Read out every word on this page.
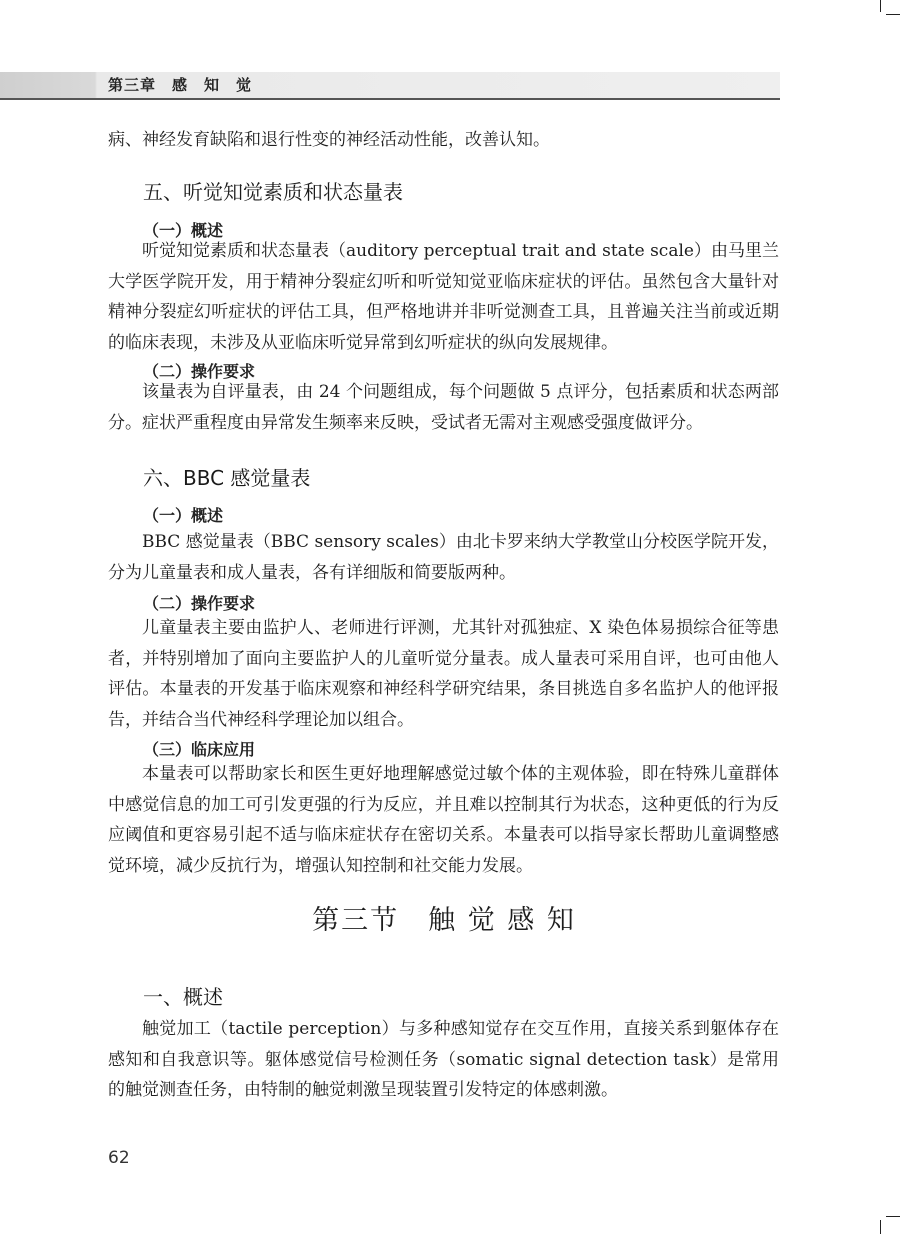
第三章　感　知　觉

病、神经发育缺陷和退行性变的神经活动性能，改善认知。

五、听觉知觉素质和状态量表
（一）概述

听觉知觉素质和状态量表（auditory perceptual trait and state scale）由马里兰大学医学院开发，用于精神分裂症幻听和听觉知觉亚临床症状的评估。虽然包含大量针对精神分裂症幻听症状的评估工具，但严格地讲并非听觉测查工具，且普遍关注当前或近期的临床表现，未涉及从亚临床听觉异常到幻听症状的纵向发展规律。

（二）操作要求

该量表为自评量表，由 24 个问题组成，每个问题做 5 点评分，包括素质和状态两部分。症状严重程度由异常发生频率来反映，受试者无需对主观感受强度做评分。

六、BBC 感觉量表
（一）概述

BBC 感觉量表（BBC sensory scales）由北卡罗来纳大学教堂山分校医学院开发，分为儿童量表和成人量表，各有详细版和简要版两种。

（二）操作要求

儿童量表主要由监护人、老师进行评测，尤其针对孤独症、X 染色体易损综合征等患者，并特别增加了面向主要监护人的儿童听觉分量表。成人量表可采用自评，也可由他人评估。本量表的开发基于临床观察和神经科学研究结果，条目挑选自多名监护人的他评报告，并结合当代神经科学理论加以组合。

（三）临床应用

本量表可以帮助家长和医生更好地理解感觉过敏个体的主观体验，即在特殊儿童群体中感觉信息的加工可引发更强的行为反应，并且难以控制其行为状态，这种更低的行为反应阈值和更容易引起不适与临床症状存在密切关系。本量表可以指导家长帮助儿童调整感觉环境，减少反抗行为，增强认知控制和社交能力发展。

第三节　触 觉 感 知
一、概述

触觉加工（tactile perception）与多种感知觉存在交互作用，直接关系到躯体存在感知和自我意识等。躯体感觉信号检测任务（somatic signal detection task）是常用的触觉测查任务，由特制的触觉刺激呈现装置引发特定的体感刺激。

62
